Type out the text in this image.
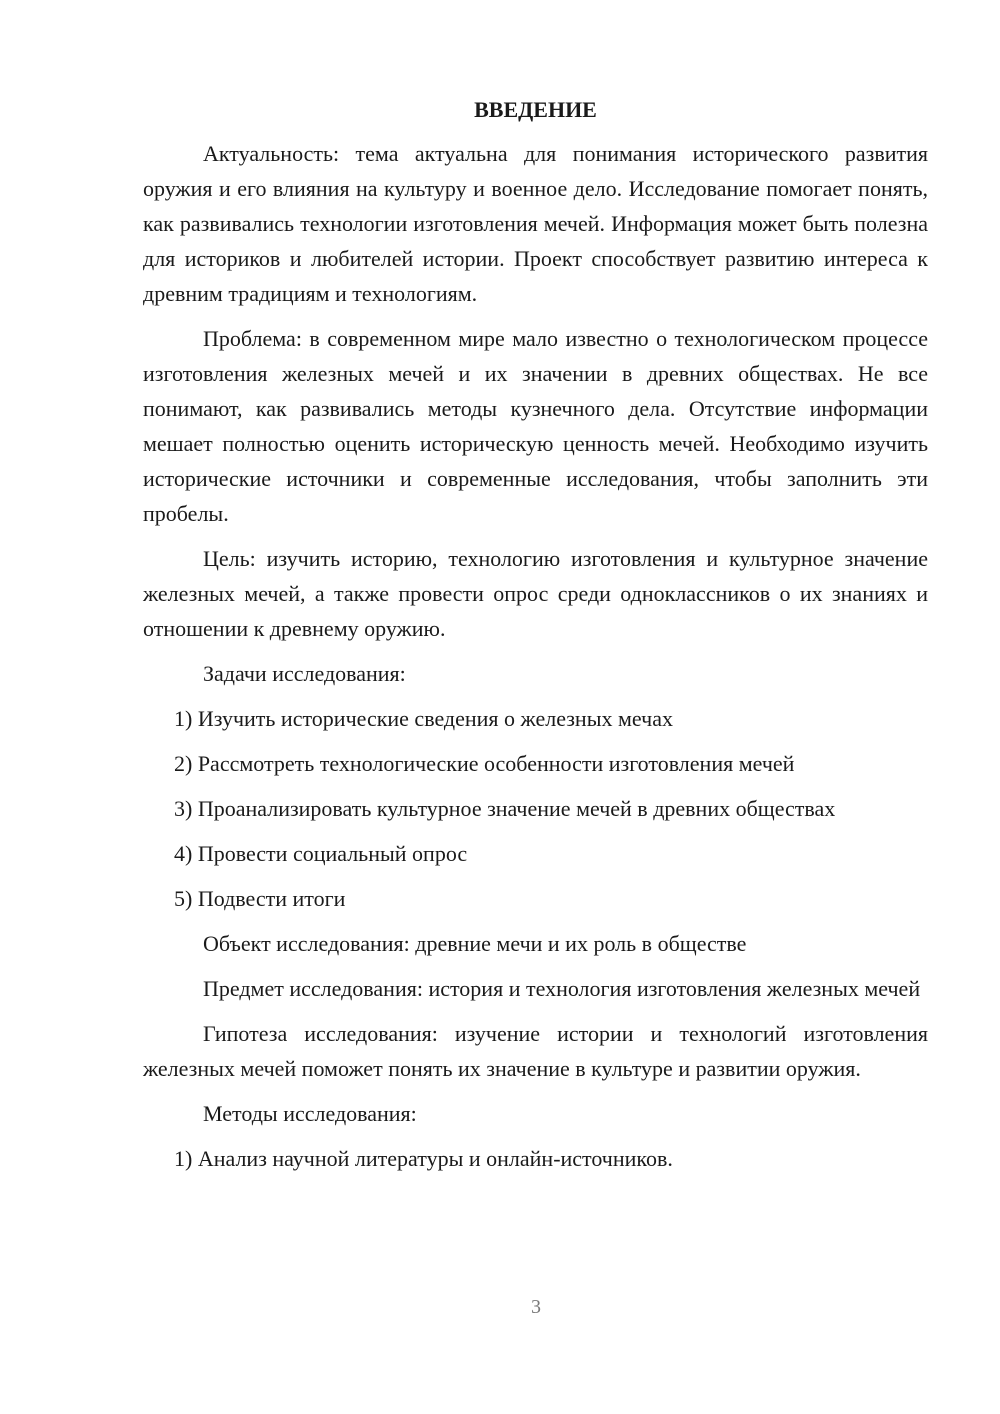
ВВЕДЕНИЕ

Актуальность: тема актуальна для понимания исторического развития оружия и его влияния на культуру и военное дело. Исследование помогает понять, как развивались технологии изготовления мечей. Информация может быть полезна для историков и любителей истории. Проект способствует развитию интереса к древним традициям и технологиям.

Проблема: в современном мире мало известно о технологическом процессе изготовления железных мечей и их значении в древних обществах. Не все понимают, как развивались методы кузнечного дела. Отсутствие информации мешает полностью оценить историческую ценность мечей. Необходимо изучить исторические источники и современные исследования, чтобы заполнить эти пробелы.

Цель: изучить историю, технологию изготовления и культурное значение железных мечей, а также провести опрос среди одноклассников о их знаниях и отношении к древнему оружию.

Задачи исследования:

1) Изучить исторические сведения о железных мечах
2) Рассмотреть технологические особенности изготовления мечей
3) Проанализировать культурное значение мечей в древних обществах
4) Провести социальный опрос
5) Подвести итоги

Объект исследования: древние мечи и их роль в обществе

Предмет исследования: история и технология изготовления железных мечей

Гипотеза исследования: изучение истории и технологий изготовления железных мечей поможет понять их значение в культуре и развитии оружия.

Методы исследования:

1) Анализ научной литературы и онлайн-источников.
3
